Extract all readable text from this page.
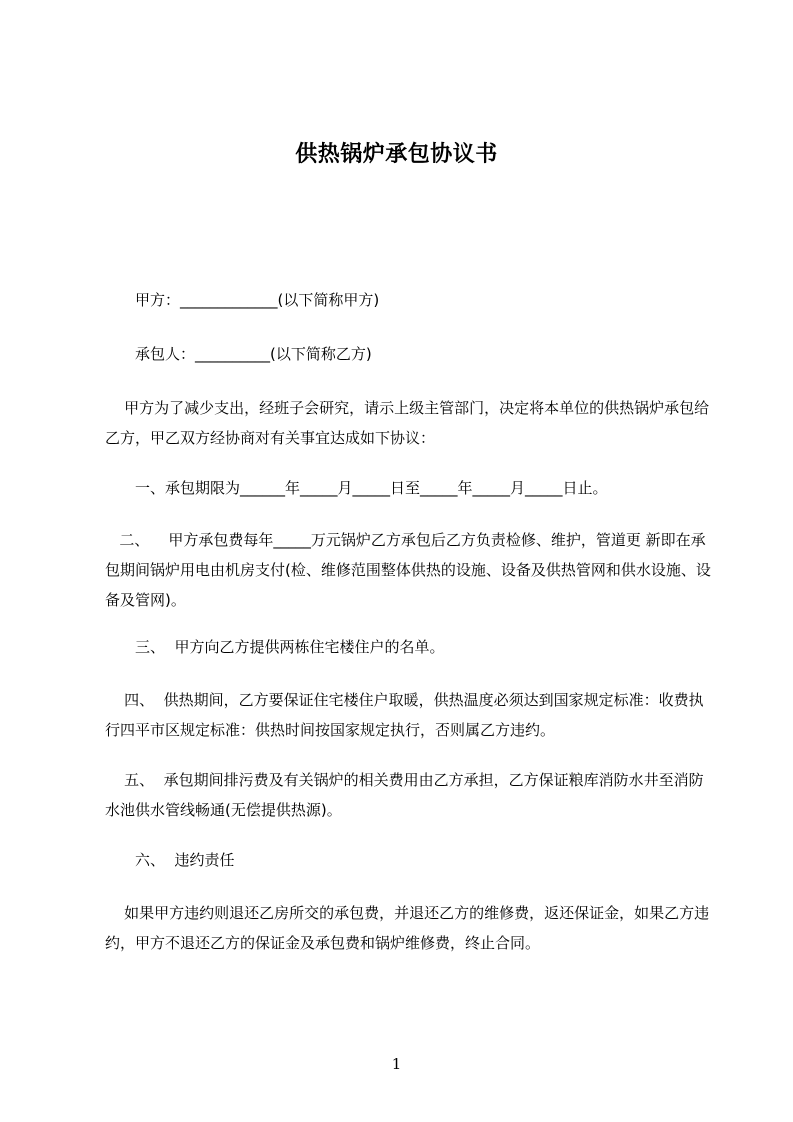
供热锅炉承包协议书
甲方：_____________(以下简称甲方)
承包人：__________(以下简称乙方)
甲方为了减少支出，经班子会研究，请示上级主管部门，决定将本单位的供热锅炉承包给乙方，甲乙双方经协商对有关事宜达成如下协议：
一、承包期限为______年_____月_____日至_____年_____月_____日止。
二、    甲方承包费每年_____万元锅炉乙方承包后乙方负责检修、维护，管道更 新即在承包期间锅炉用电由机房支付(检、维修范围整体供热的设施、设备及供热管网和供水设施、设备及管网)。
三、  甲方向乙方提供两栋住宅楼住户的名单。
四、  供热期间，乙方要保证住宅楼住户取暖，供热温度必须达到国家规定标准：收费执行四平市区规定标准：供热时间按国家规定执行，否则属乙方违约。
五、  承包期间排污费及有关锅炉的相关费用由乙方承担，乙方保证粮库消防水井至消防水池供水管线畅通(无偿提供热源)。
六、  违约责任
如果甲方违约则退还乙房所交的承包费，并退还乙方的维修费，返还保证金，如果乙方违约，甲方不退还乙方的保证金及承包费和锅炉维修费，终止合同。
1
